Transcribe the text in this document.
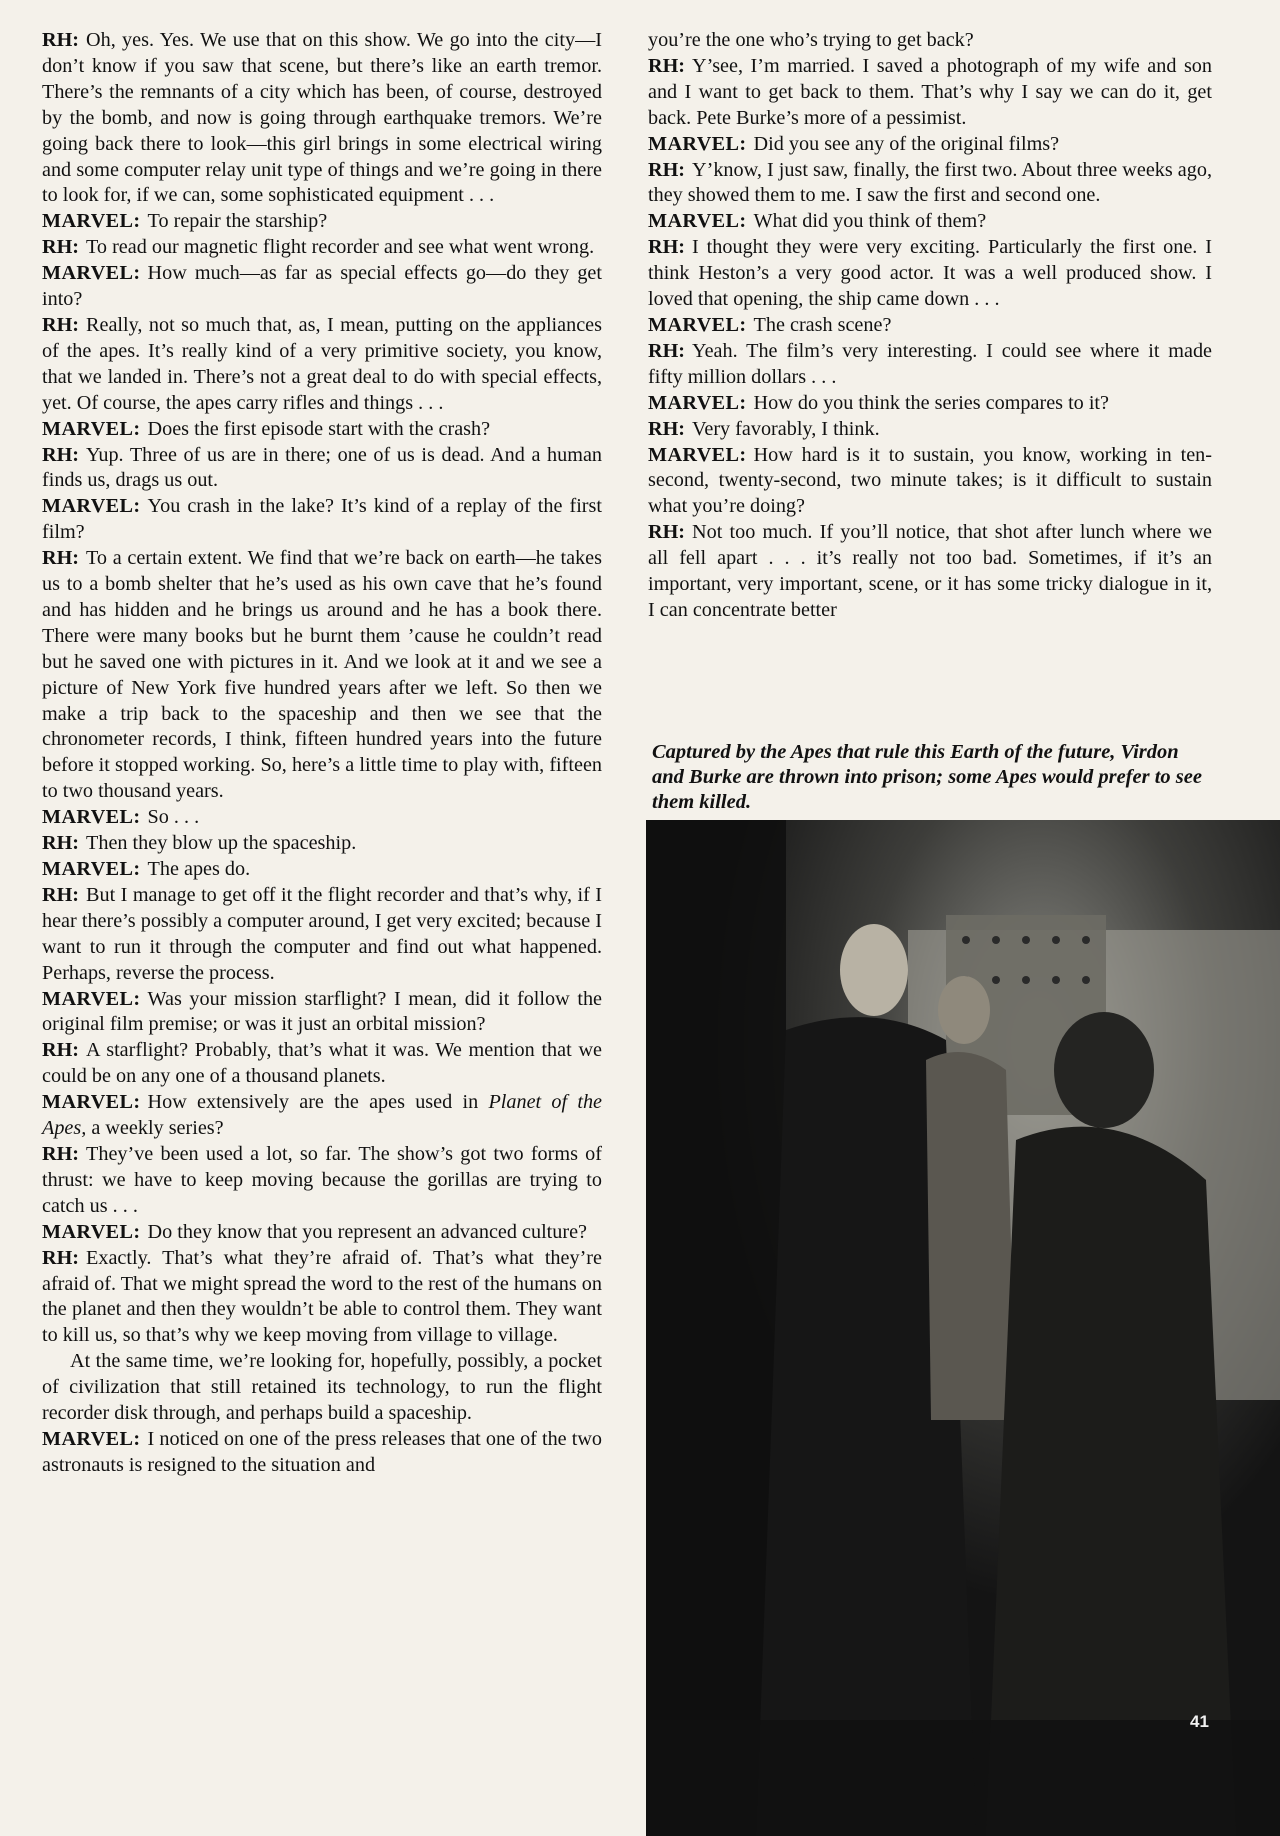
RH: Oh, yes. Yes. We use that on this show. We go into the city—I don’t know if you saw that scene, but there’s like an earth tremor. There’s the remnants of a city which has been, of course, destroyed by the bomb, and now is going through earthquake tremors. We’re going back there to look—this girl brings in some electrical wiring and some computer relay unit type of things and we’re going in there to look for, if we can, some sophisticated equipment . . .
MARVEL: To repair the starship?
RH: To read our magnetic flight recorder and see what went wrong.
MARVEL: How much—as far as special effects go—do they get into?
RH: Really, not so much that, as, I mean, putting on the appliances of the apes. It’s really kind of a very primitive society, you know, that we landed in. There’s not a great deal to do with special effects, yet. Of course, the apes carry rifles and things . . .
MARVEL: Does the first episode start with the crash?
RH: Yup. Three of us are in there; one of us is dead. And a human finds us, drags us out.
MARVEL: You crash in the lake? It’s kind of a replay of the first film?
RH: To a certain extent. We find that we’re back on earth—he takes us to a bomb shelter that he’s used as his own cave that he’s found and has hidden and he brings us around and he has a book there. There were many books but he burnt them ’cause he couldn’t read but he saved one with pictures in it. And we look at it and we see a picture of New York five hundred years after we left. So then we make a trip back to the spaceship and then we see that the chronometer records, I think, fifteen hundred years into the future before it stopped working. So, here’s a little time to play with, fifteen to two thousand years.
MARVEL: So . . .
RH: Then they blow up the spaceship.
MARVEL: The apes do.
RH: But I manage to get off it the flight recorder and that’s why, if I hear there’s possibly a computer around, I get very excited; because I want to run it through the computer and find out what happened. Perhaps, reverse the process.
MARVEL: Was your mission starflight? I mean, did it follow the original film premise; or was it just an orbital mission?
RH: A starflight? Probably, that’s what it was. We mention that we could be on any one of a thousand planets.
MARVEL: How extensively are the apes used in Planet of the Apes, a weekly series?
RH: They’ve been used a lot, so far. The show’s got two forms of thrust: we have to keep moving because the gorillas are trying to catch us . . .
MARVEL: Do they know that you represent an advanced culture?
RH: Exactly. That’s what they’re afraid of. That’s what they’re afraid of. That we might spread the word to the rest of the humans on the planet and then they wouldn’t be able to control them. They want to kill us, so that’s why we keep moving from village to village.
At the same time, we’re looking for, hopefully, possibly, a pocket of civilization that still retained its technology, to run the flight recorder disk through, and perhaps build a spaceship.
MARVEL: I noticed on one of the press releases that one of the two astronauts is resigned to the situation and
you’re the one who’s trying to get back?
RH: Y’see, I’m married. I saved a photograph of my wife and son and I want to get back to them. That’s why I say we can do it, get back. Pete Burke’s more of a pessimist.
MARVEL: Did you see any of the original films?
RH: Y’know, I just saw, finally, the first two. About three weeks ago, they showed them to me. I saw the first and second one.
MARVEL: What did you think of them?
RH: I thought they were very exciting. Particularly the first one. I think Heston’s a very good actor. It was a well produced show. I loved that opening, the ship came down . . .
MARVEL: The crash scene?
RH: Yeah. The film’s very interesting. I could see where it made fifty million dollars . . .
MARVEL: How do you think the series compares to it?
RH: Very favorably, I think.
MARVEL: How hard is it to sustain, you know, working in ten-second, twenty-second, two minute takes; is it difficult to sustain what you’re doing?
RH: Not too much. If you’ll notice, that shot after lunch where we all fell apart . . . it’s really not too bad. Sometimes, if it’s an important, very important, scene, or it has some tricky dialogue in it, I can concentrate better
Captured by the Apes that rule this Earth of the future, Virdon and Burke are thrown into prison; some Apes would prefer to see them killed.
41
